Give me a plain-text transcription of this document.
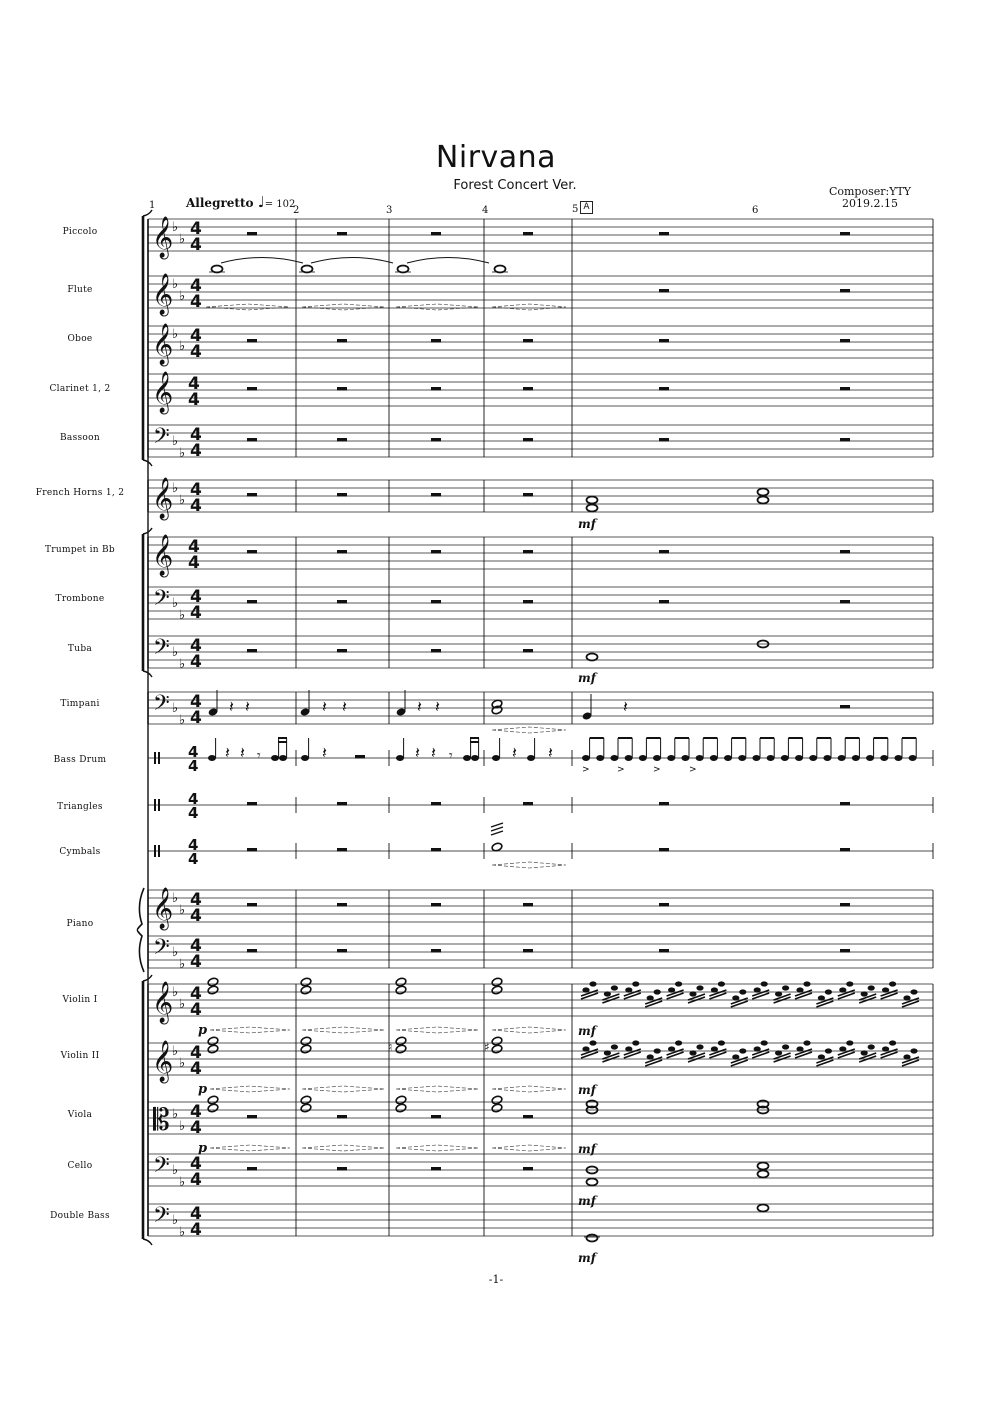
Nirvana
Forest Concert Ver.	Composer:YTY
2019.2.15
Allegretto ♩= 102	A
1	2	3	4	5	6
Piccolo
Flute
Oboe
Clarinet 1, 2
Bassoon
French Horns 1, 2
Trumpet in Bb
Trombone
Tuba
Timpani
Bass Drum
Triangles
Cymbals
Piano
Violin I
Violin II
Viola
Cello
Double Bass
𝄞
♭
♭
4
4
𝄞
♭
♭
4
4
𝄞
♭
♭
4
4
𝄞 4
4
𝄢 ♭
♭
4
4
𝄞
♭
♭
4
4
𝄞 4
4
𝄢 ♭
♭
4
4
𝄢 ♭
♭
4
4
𝄢 ♭
♭
4
4
4
4
4
4
4
4
𝄞
♭
♭
4
4
𝄢 ♭
♭
4
4
𝄞
♭
♭
4
4
𝄞
♭
♭
4
4
𝄡 ♭
♭
4
4
𝄢 ♭
♭
4
4
𝄢 ♭
♭
4
4
mf
mf
𝄽 𝄽	𝄽 𝄽	𝄽 𝄽	𝄽
𝄽 𝄽 𝄾	𝄽	𝄽 𝄽 𝄾	𝄽 𝄽
>	>	>	>
♮	♯
p	mf
p	mf
p	mf
mf
mf
-1-
